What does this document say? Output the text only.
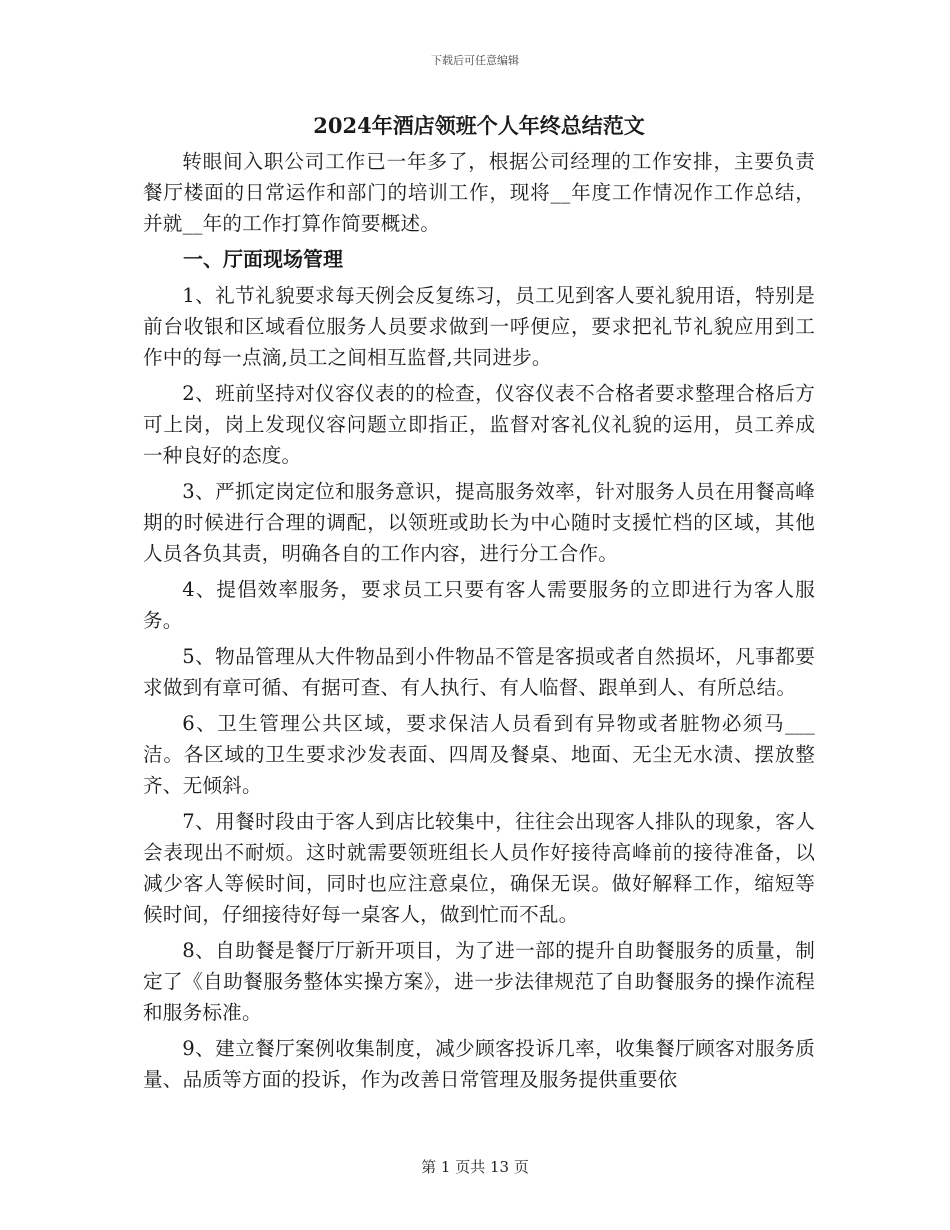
下载后可任意编辑
2024年酒店领班个人年终总结范文

转眼间入职公司工作已一年多了，根据公司经理的工作安排，主要负责餐厅楼面的日常运作和部门的培训工作，现将__年度工作情况作工作总结，并就__年的工作打算作简要概述。

一、厅面现场管理

1、礼节礼貌要求每天例会反复练习，员工见到客人要礼貌用语，特别是前台收银和区域看位服务人员要求做到一呼便应，要求把礼节礼貌应用到工作中的每一点滴,员工之间相互监督,共同进步。

2、班前坚持对仪容仪表的的检查，仪容仪表不合格者要求整理合格后方可上岗，岗上发现仪容问题立即指正，监督对客礼仪礼貌的运用，员工养成一种良好的态度。

3、严抓定岗定位和服务意识，提高服务效率，针对服务人员在用餐高峰期的时候进行合理的调配，以领班或助长为中心随时支援忙档的区域，其他人员各负其责，明确各自的工作内容，进行分工合作。

4、提倡效率服务，要求员工只要有客人需要服务的立即进行为客人服务。

5、物品管理从大件物品到小件物品不管是客损或者自然损坏，凡事都要求做到有章可循、有据可查、有人执行、有人临督、跟单到人、有所总结。

6、卫生管理公共区域，要求保洁人员看到有异物或者脏物必须马___洁。各区域的卫生要求沙发表面、四周及餐桌、地面、无尘无水渍、摆放整齐、无倾斜。

7、用餐时段由于客人到店比较集中，往往会出现客人排队的现象，客人会表现出不耐烦。这时就需要领班组长人员作好接待高峰前的接待准备，以减少客人等候时间，同时也应注意桌位，确保无误。做好解释工作，缩短等候时间，仔细接待好每一桌客人，做到忙而不乱。

8、自助餐是餐厅厅新开项目，为了进一部的提升自助餐服务的质量，制定了《自助餐服务整体实操方案》，进一步法律规范了自助餐服务的操作流程和服务标准。

9、建立餐厅案例收集制度，减少顾客投诉几率，收集餐厅顾客对服务质量、品质等方面的投诉，作为改善日常管理及服务提供重要依

第 1 页共 13 页
